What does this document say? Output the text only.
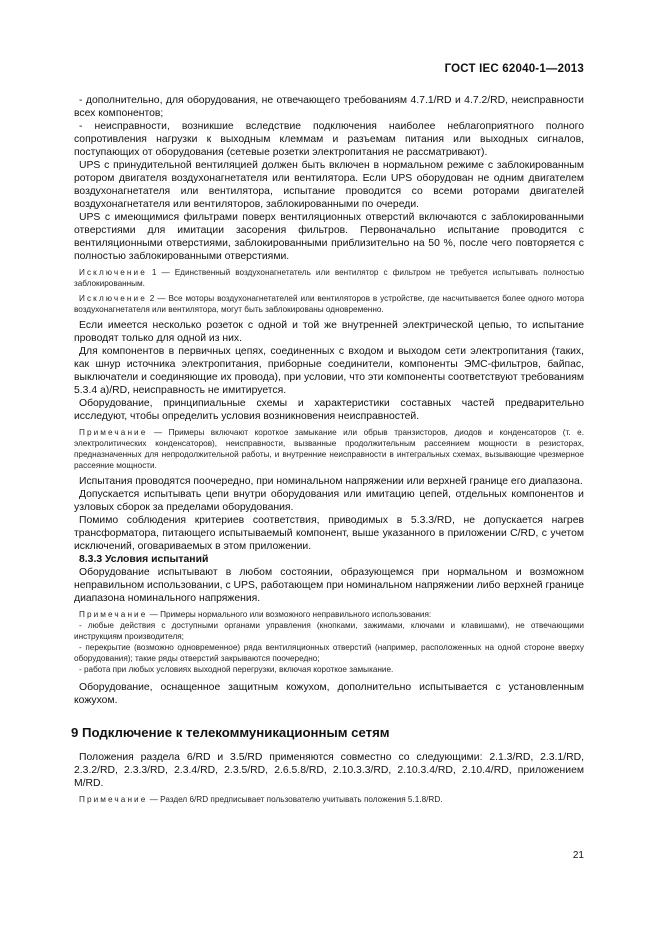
ГОСТ IEC 62040-1—2013

- дополнительно, для оборудования, не отвечающего требованиям 4.7.1/RD и 4.7.2/RD, неисправности всех компонентов;

- неисправности, возникшие вследствие подключения наиболее неблагоприятного полного сопротивления нагрузки к выходным клеммам и разъемам питания или выходных сигналов, поступающих от оборудования (сетевые розетки электропитания не рассматривают).

UPS с принудительной вентиляцией должен быть включен в нормальном режиме с заблокированным ротором двигателя воздухонагнетателя или вентилятора. Если UPS оборудован не одним двигателем воздухонагнетателя или вентилятора, испытание проводится со всеми роторами двигателей воздухонагнетателя или вентиляторов, заблокированными по очереди.

UPS с имеющимися фильтрами поверх вентиляционных отверстий включаются с заблокированными отверстиями для имитации засорения фильтров. Первоначально испытание проводится с вентиляционными отверстиями, заблокированными приблизительно на 50 %, после чего повторяется с полностью заблокированными отверстиями.

Исключение 1 — Единственный воздухонагнетатель или вентилятор с фильтром не требуется испытывать полностью заблокированным.

Исключение 2 — Все моторы воздухонагнетателей или вентиляторов в устройстве, где насчитывается более одного мотора воздухонагнетателя или вентилятора, могут быть заблокированы одновременно.

Если имеется несколько розеток с одной и той же внутренней электрической цепью, то испытание проводят только для одной из них.

Для компонентов в первичных цепях, соединенных с входом и выходом сети электропитания (таких, как шнур источника электропитания, приборные соединители, компоненты ЭМС-фильтров, байпас, выключатели и соединяющие их провода), при условии, что эти компоненты соответствуют требованиям 5.3.4 a)/RD, неисправность не имитируется.

Оборудование, принципиальные схемы и характеристики составных частей предварительно исследуют, чтобы определить условия возникновения неисправностей.

Примечание — Примеры включают короткое замыкание или обрыв транзисторов, диодов и конденсаторов (т. е. электролитических конденсаторов), неисправности, вызванные продолжительным рассеянием мощности в резисторах, предназначенных для непродолжительной работы, и внутренние неисправности в интегральных схемах, вызывающие чрезмерное рассеяние мощности.

Испытания проводятся поочередно, при номинальном напряжении или верхней границе его диапазона.

Допускается испытывать цепи внутри оборудования или имитацию цепей, отдельных компонентов и узловых сборок за пределами оборудования.

Помимо соблюдения критериев соответствия, приводимых в 5.3.3/RD, не допускается нагрев трансформатора, питающего испытываемый компонент, выше указанного в приложении C/RD, с учетом исключений, оговариваемых в этом приложении.

8.3.3 Условия испытаний

Оборудование испытывают в любом состоянии, образующемся при нормальном и возможном неправильном использовании, с UPS, работающем при номинальном напряжении либо верхней границе диапазона номинального напряжения.

Примечание — Примеры нормального или возможного неправильного использования:

- любые действия с доступными органами управления (кнопками, зажимами, ключами и клавишами), не отвечающими инструкциям производителя;

- перекрытие (возможно одновременное) ряда вентиляционных отверстий (например, расположенных на одной стороне вверху оборудования); такие ряды отверстий закрываются поочередно;

- работа при любых условиях выходной перегрузки, включая короткое замыкание.

Оборудование, оснащенное защитным кожухом, дополнительно испытывается с установленным кожухом.

9 Подключение к телекоммуникационным сетям

Положения раздела 6/RD и 3.5/RD применяются совместно со следующими: 2.1.3/RD, 2.3.1/RD, 2.3.2/RD, 2.3.3/RD, 2.3.4/RD, 2.3.5/RD, 2.6.5.8/RD, 2.10.3.3/RD, 2.10.3.4/RD, 2.10.4/RD, приложением M/RD.

Примечание — Раздел 6/RD предписывает пользователю учитывать положения 5.1.8/RD.

21
